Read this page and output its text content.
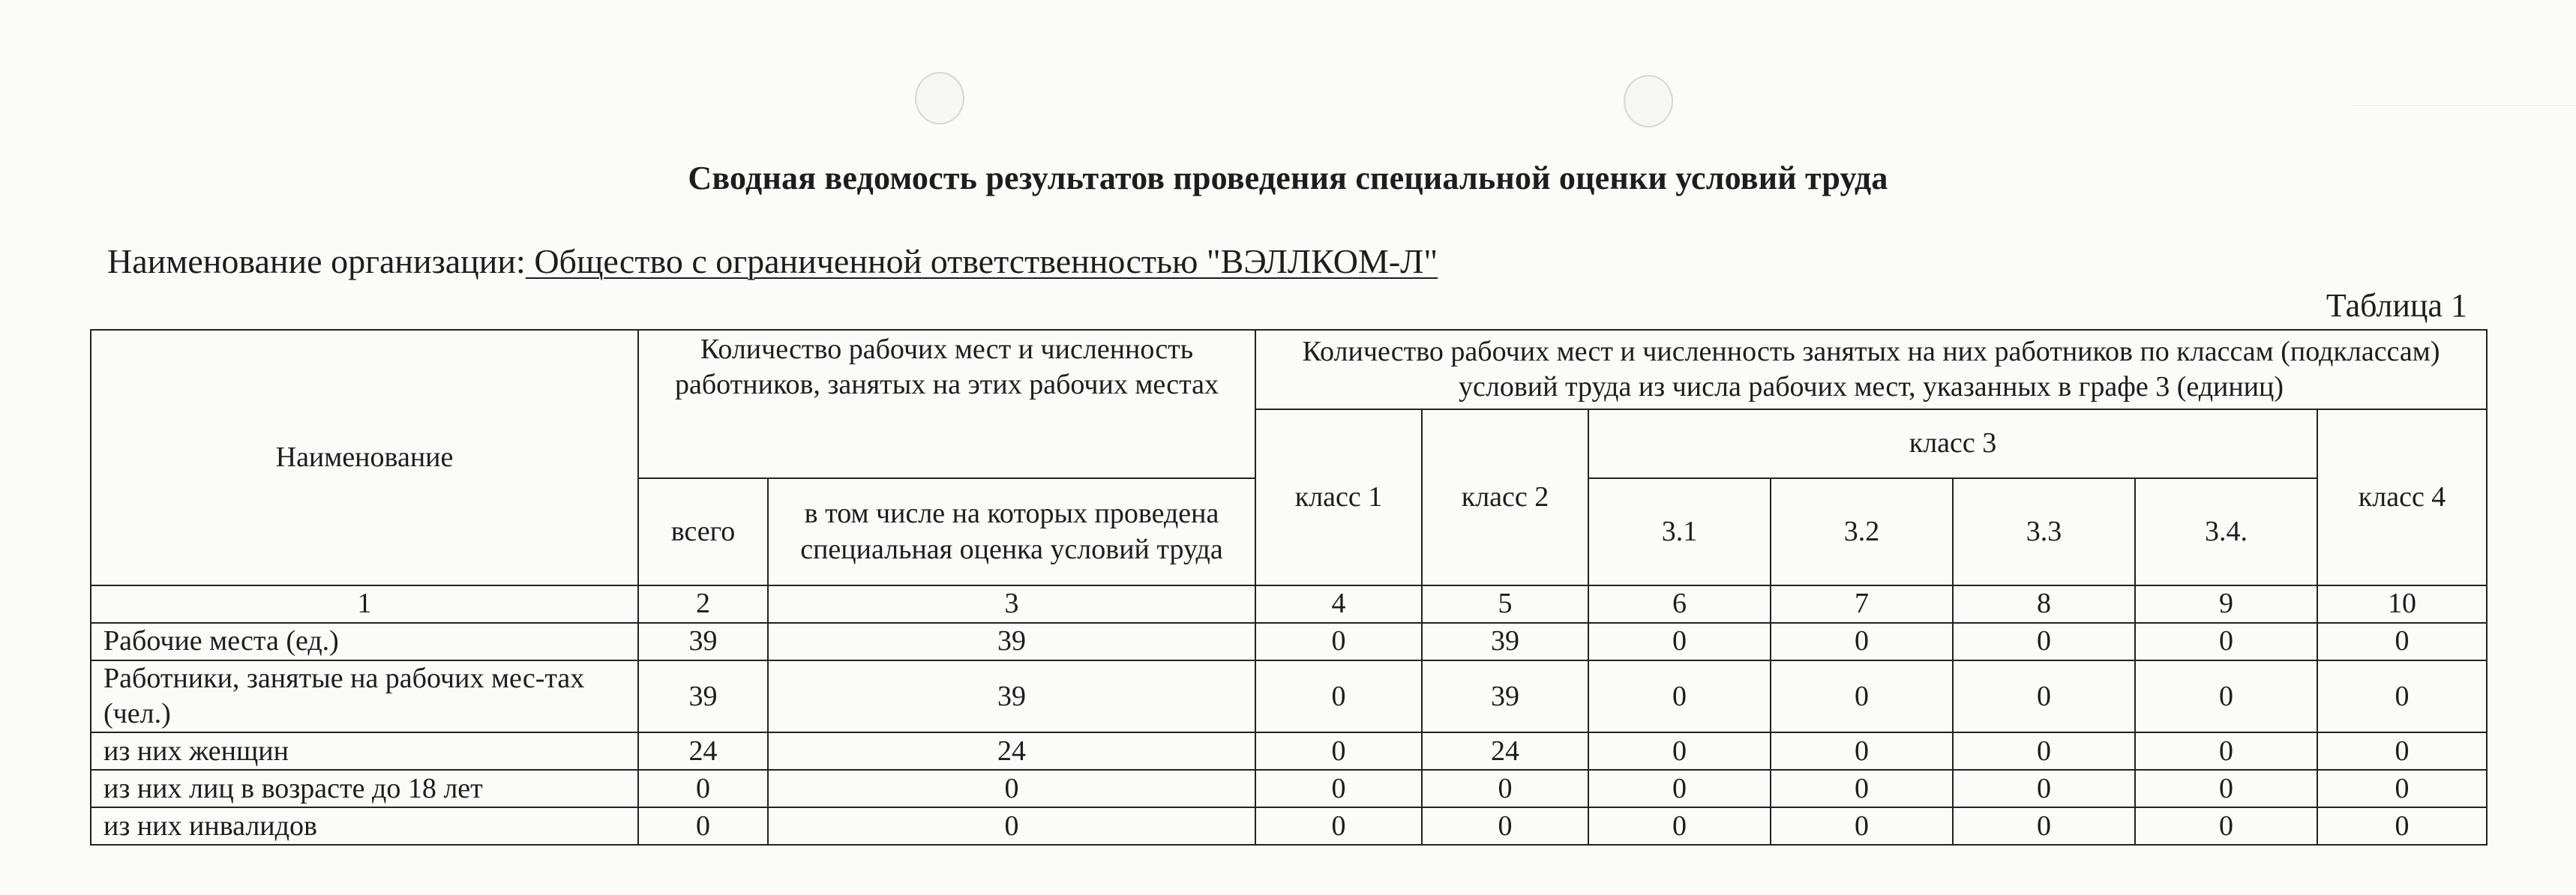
Сводная ведомость результатов проведения специальной оценки условий труда
Наименование организации: Общество с ограниченной ответственностью "ВЭЛЛКОМ-Л"
Таблица 1
Наименование	Количество рабочих мест и численность работников, занятых на этих рабочих местах		Количество рабочих мест и численность занятых на них работников по классам (подклассам) условий труда из числа рабочих мест, указанных в графе 3 (единиц)						
			класс 1	класс 2	класс 3				класс 4
	всего	в том числе на которых проведена специальная оценка условий труда			3.1	3.2	3.3	3.4.	
1	2	3	4	5	6	7	8	9	10
Рабочие места (ед.)	39	39	0	39	0	0	0	0	0
Работники, занятые на рабочих мес-тах (чел.)	39	39	0	39	0	0	0	0	0
из них женщин	24	24	0	24	0	0	0	0	0
из них лиц в возрасте до 18 лет	0	0	0	0	0	0	0	0	0
из них инвалидов	0	0	0	0	0	0	0	0	0
